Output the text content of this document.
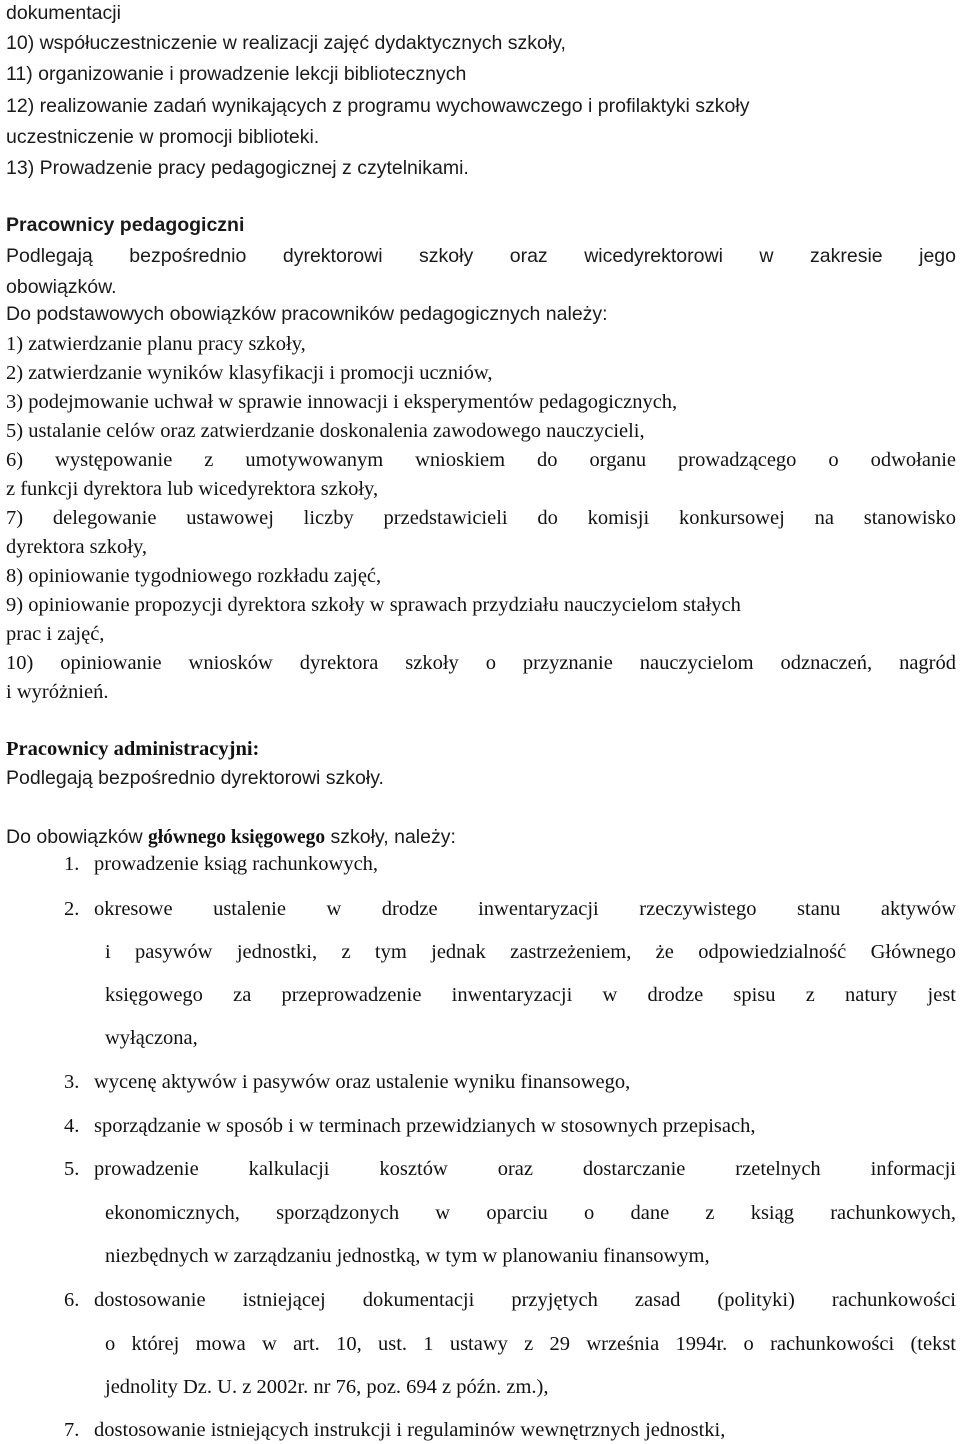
dokumentacji
10) współuczestniczenie w realizacji zajęć dydaktycznych szkoły,
11) organizowanie i prowadzenie lekcji bibliotecznych
12) realizowanie zadań wynikających z programu wychowawczego i profilaktyki szkoły
uczestniczenie w promocji biblioteki.
13) Prowadzenie pracy pedagogicznej z czytelnikami.
Pracownicy pedagogiczni
Podlegają bezpośrednio dyrektorowi szkoły oraz wicedyrektorowi w zakresie jego
obowiązków.
Do podstawowych obowiązków pracowników pedagogicznych należy:
1) zatwierdzanie planu pracy szkoły,
2) zatwierdzanie wyników klasyfikacji i promocji uczniów,
3) podejmowanie uchwał w sprawie innowacji i eksperymentów pedagogicznych,
5) ustalanie celów oraz zatwierdzanie doskonalenia zawodowego nauczycieli,
6) występowanie z umotywowanym wnioskiem do organu prowadzącego o odwołanie
z funkcji dyrektora lub wicedyrektora szkoły,
7) delegowanie ustawowej liczby przedstawicieli do komisji konkursowej na stanowisko
dyrektora szkoły,
8) opiniowanie tygodniowego rozkładu zajęć,
9) opiniowanie propozycji dyrektora szkoły w sprawach przydziału nauczycielom stałych
prac i zajęć,
10) opiniowanie wniosków dyrektora szkoły o przyznanie nauczycielom odznaczeń, nagród
i wyróżnień.
Pracownicy administracyjni:
Podlegają bezpośrednio dyrektorowi szkoły.
Do obowiązków głównego księgowego szkoły, należy:
1. prowadzenie ksiąg rachunkowych,
2. okresowe ustalenie w drodze inwentaryzacji rzeczywistego stanu aktywów
i pasywów jednostki, z tym jednak zastrzeżeniem, że odpowiedzialność Głównego
księgowego za przeprowadzenie inwentaryzacji w drodze spisu z natury jest
wyłączona,
3. wycenę aktywów i pasywów oraz ustalenie wyniku finansowego,
4. sporządzanie w sposób i w terminach przewidzianych w stosownych przepisach,
5. prowadzenie kalkulacji kosztów oraz dostarczanie rzetelnych informacji
ekonomicznych, sporządzonych w oparciu o dane z ksiąg rachunkowych,
niezbędnych w zarządzaniu jednostką, w tym w planowaniu finansowym,
6. dostosowanie istniejącej dokumentacji przyjętych zasad (polityki) rachunkowości
o której mowa w art. 10, ust. 1 ustawy z 29 września 1994r. o rachunkowości (tekst
jednolity Dz. U. z 2002r. nr 76, poz. 694 z późn. zm.),
7. dostosowanie istniejących instrukcji i regulaminów wewnętrznych jednostki,
